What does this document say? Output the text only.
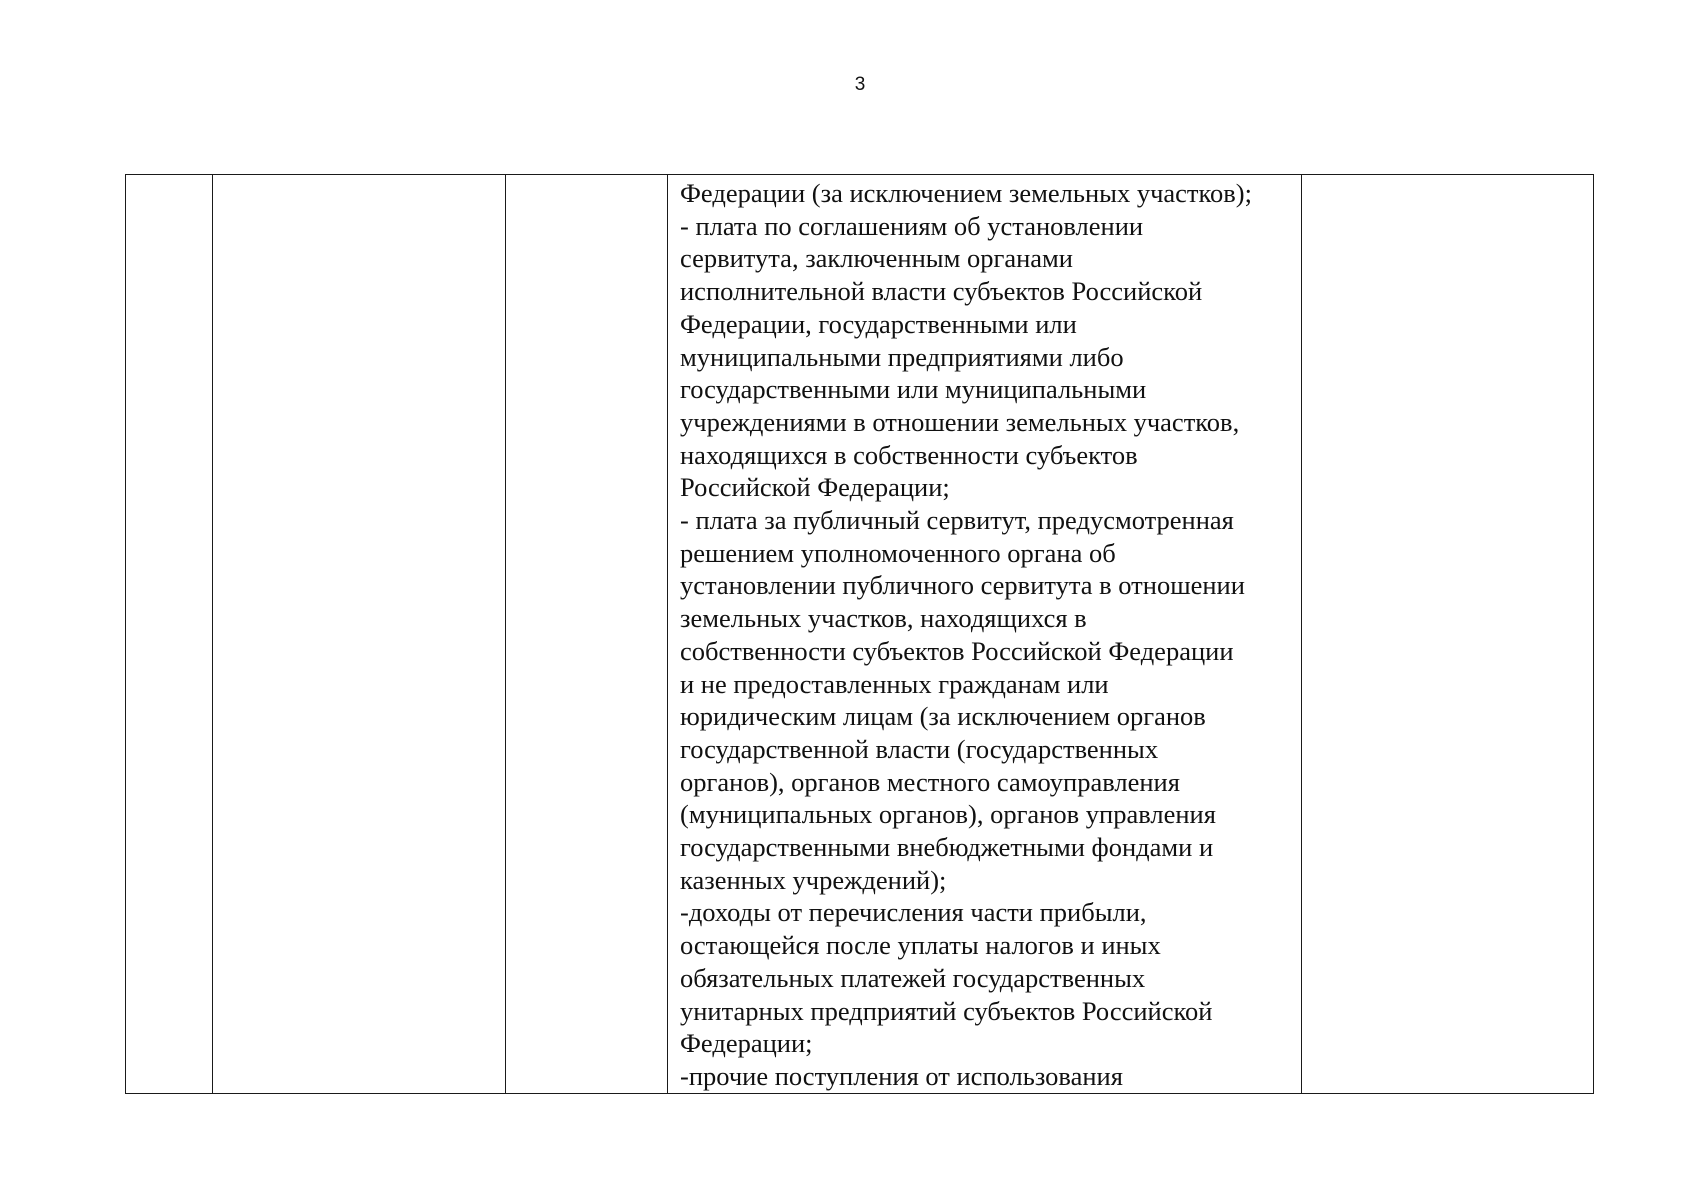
3

Федерации (за исключением земельных участков);
- плата по соглашениям об установлении
сервитута, заключенным органами
исполнительной власти субъектов Российской
Федерации, государственными или
муниципальными предприятиями либо
государственными или муниципальными
учреждениями в отношении земельных участков,
находящихся в собственности субъектов
Российской Федерации;
- плата за публичный сервитут, предусмотренная
решением уполномоченного органа об
установлении публичного сервитута в отношении
земельных участков, находящихся в
собственности субъектов Российской Федерации
и не предоставленных гражданам или
юридическим лицам (за исключением органов
государственной власти (государственных
органов), органов местного самоуправления
(муниципальных органов), органов управления
государственными внебюджетными фондами и
казенных учреждений);
-доходы от перечисления части прибыли,
остающейся после уплаты налогов и иных
обязательных платежей государственных
унитарных предприятий субъектов Российской
Федерации;
-прочие поступления от использования
